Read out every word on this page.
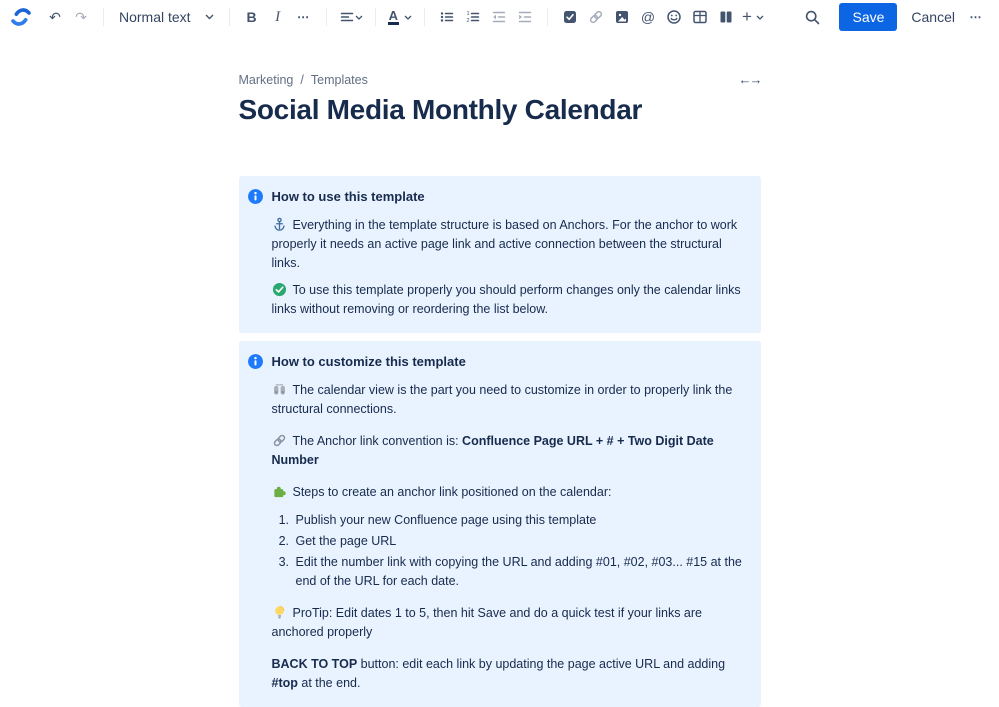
↶	↷	Normal text	B	I	⋯	A	1
2	@	+	Save	Cancel	⋯
Marketing / Templates	←→
Social Media Monthly Calendar
How to use this template

Everything in the template structure is based on Anchors. For the anchor to work properly it needs an active page link and active connection between the structural links.

To use this template properly you should perform changes only the calendar links links without removing or reordering the list below.

How to customize this template

The calendar view is the part you need to customize in order to properly link the structural connections.

The Anchor link convention is: Confluence Page URL + # + Two Digit Date Number

Steps to create an anchor link positioned on the calendar:

1. Publish your new Confluence page using this template
2. Get the page URL
3. Edit the number link with copying the URL and adding #01, #02, #03... #15 at the end of the URL for each date.

ProTip: Edit dates 1 to 5, then hit Save and do a quick test if your links are anchored properly

BACK TO TOP button: edit each link by updating the page active URL and adding #top at the end.
